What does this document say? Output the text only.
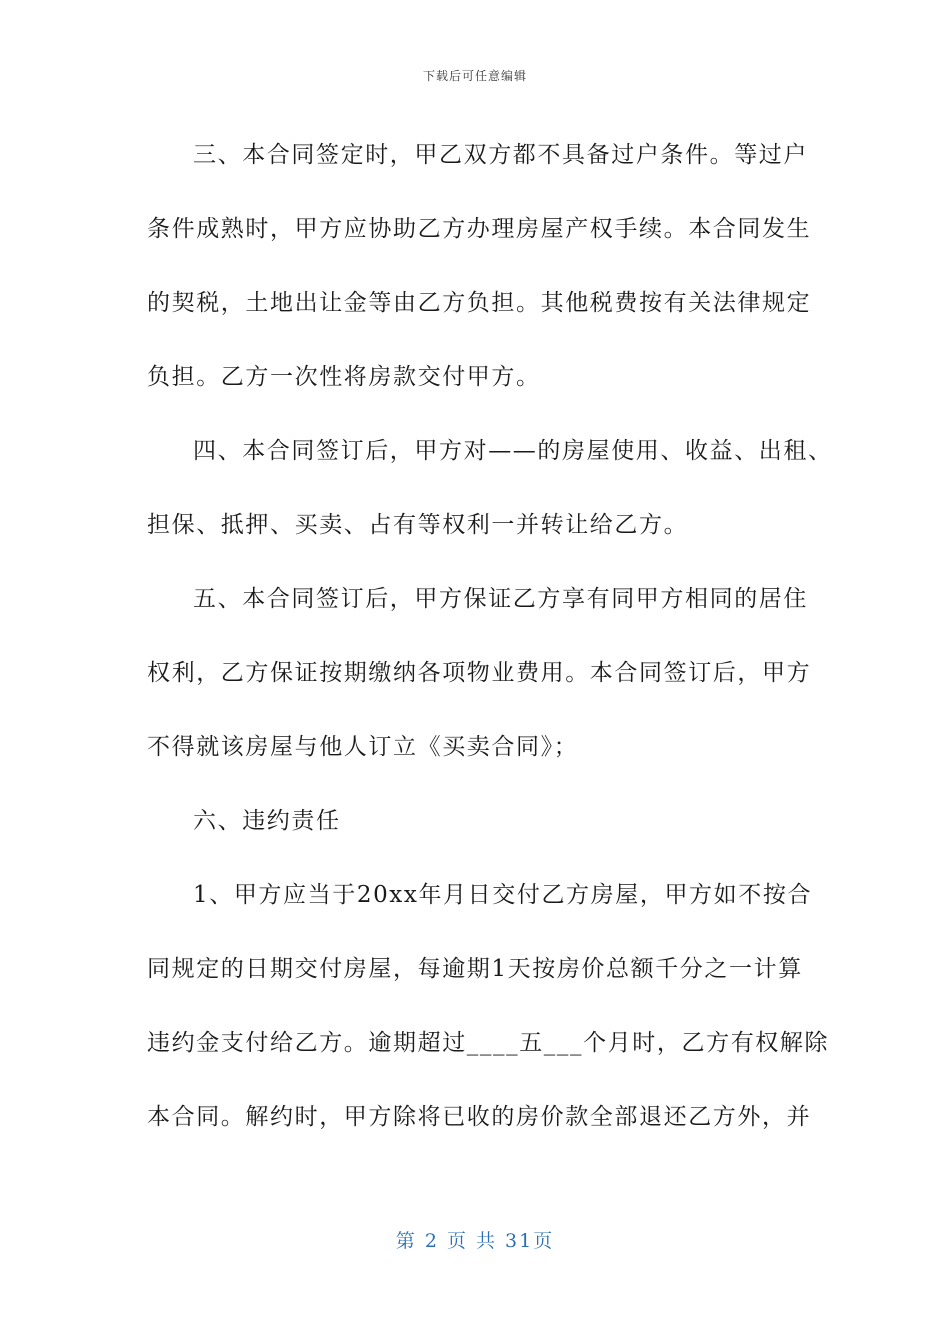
下载后可任意编辑
三、本合同签定时，甲乙双方都不具备过户条件。等过户
条件成熟时，甲方应协助乙方办理房屋产权手续。本合同发生
的契税，土地出让金等由乙方负担。其他税费按有关法律规定
负担。乙方一次性将房款交付甲方。
四、本合同签订后，甲方对——的房屋使用、收益、出租、
担保、抵押、买卖、占有等权利一并转让给乙方。
五、本合同签订后，甲方保证乙方享有同甲方相同的居住
权利，乙方保证按期缴纳各项物业费用。本合同签订后，甲方
不得就该房屋与他人订立《买卖合同》；
六、违约责任
1、甲方应当于20xx年月日交付乙方房屋，甲方如不按合
同规定的日期交付房屋，每逾期1天按房价总额千分之一计算
违约金支付给乙方。逾期超过____五___个月时，乙方有权解除
本合同。解约时，甲方除将已收的房价款全部退还乙方外，并
第 2 页 共 31页
